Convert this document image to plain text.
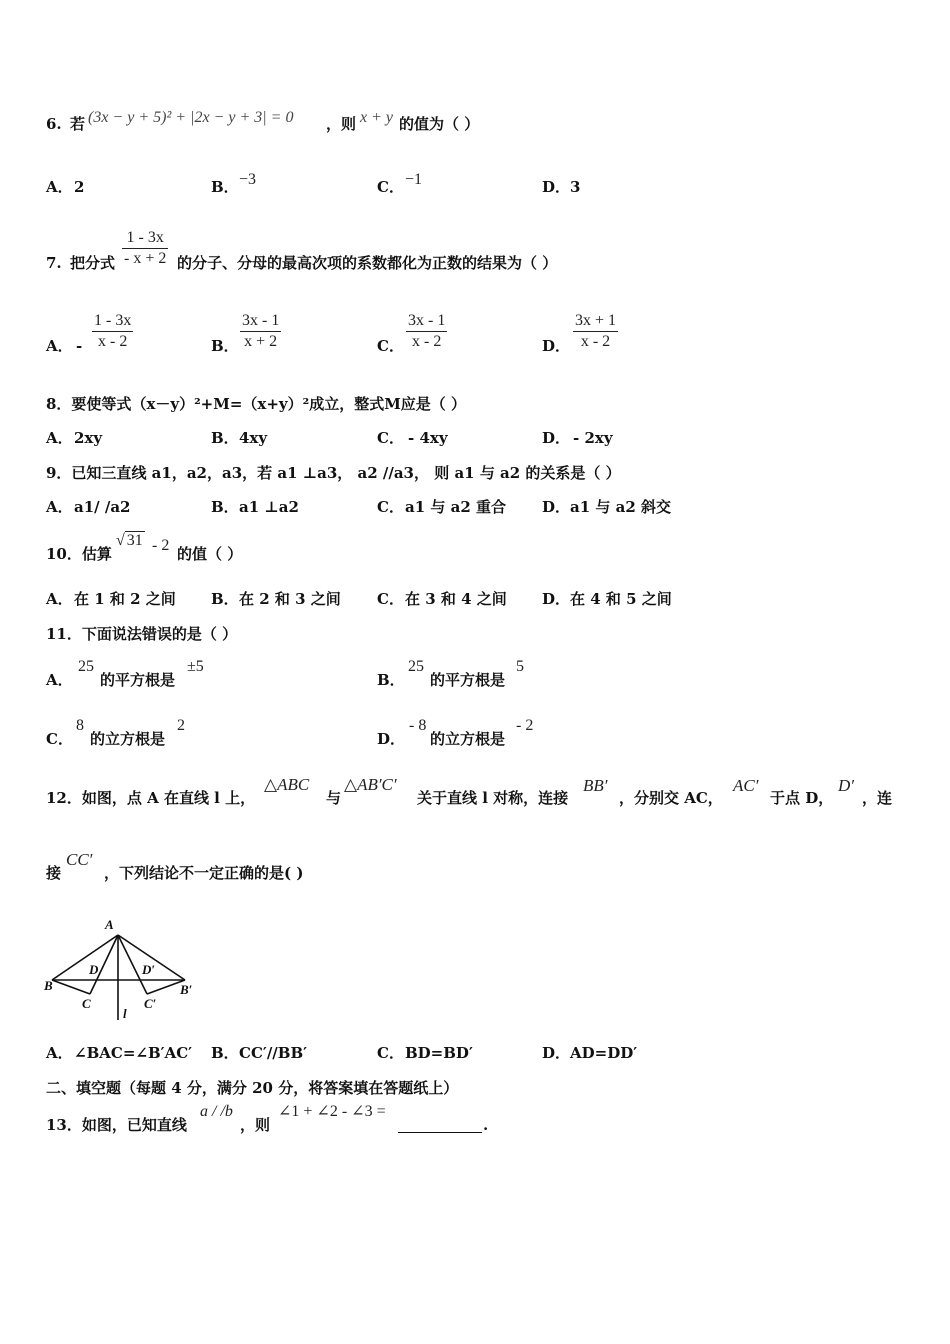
6. 若 (3x − y + 5)² + |2x − y + 3| = 0 ，则 x + y 的值为（ ）
A． 2	B． −3	C． −1	D． 3
7. 把分式
1 - 3x
- x + 2 的分子、分母的最高次项的系数都化为正数的结果为（ ）
A． -
1 - 3x
x - 2	B．
3x - 1
x + 2	C．
3x - 1
x - 2	D．
3x + 1
x - 2
8．要使等式（x－y）²+M=（x+y）²成立，整式M应是（ ）
A． 2xy	B． 4xy	C． - 4xy	D． - 2xy
9．已知三直线 a1，a2，a3，若 a1 ⊥a3， a2 //a3， 则 a1 与 a2 的关系是（ ）
A． a1/ /a2	B． a1 ⊥a2	C． a1 与 a2 重合 D． a1 与 a2 斜交
10．估算
√ 31 - 2 的值（ ）
A． 在 1 和 2 之间 B． 在 2 和 3 之间 C． 在 3 和 4 之间 D． 在 4 和 5 之间
11．下面说法错误的是（ ）
A．
25
的平方根是
±5
B．
25
的平方根是
5
C．
8
的立方根是
2
D．
- 8
的立方根是
- 2
12．如图，点 A 在直线 l 上，
△ABC
与
△AB′C′
关于直线 l 对称，连接
BB′
，分别交 AC，
AC′
于点 D，
D′
，连
接
CC′
，下列结论不一定正确的是( )
A
B
C
D	D′
C′
B′
l
A． ∠BAC=∠B′AC′ B． CC′//BB′	C． BD=BD′	D． AD=DD′
二、填空题（每题 4 分，满分 20 分，将答案填在答题纸上）
13．如图，已知直线
a / /b
，则
∠1 + ∠2 - ∠3 =
.
